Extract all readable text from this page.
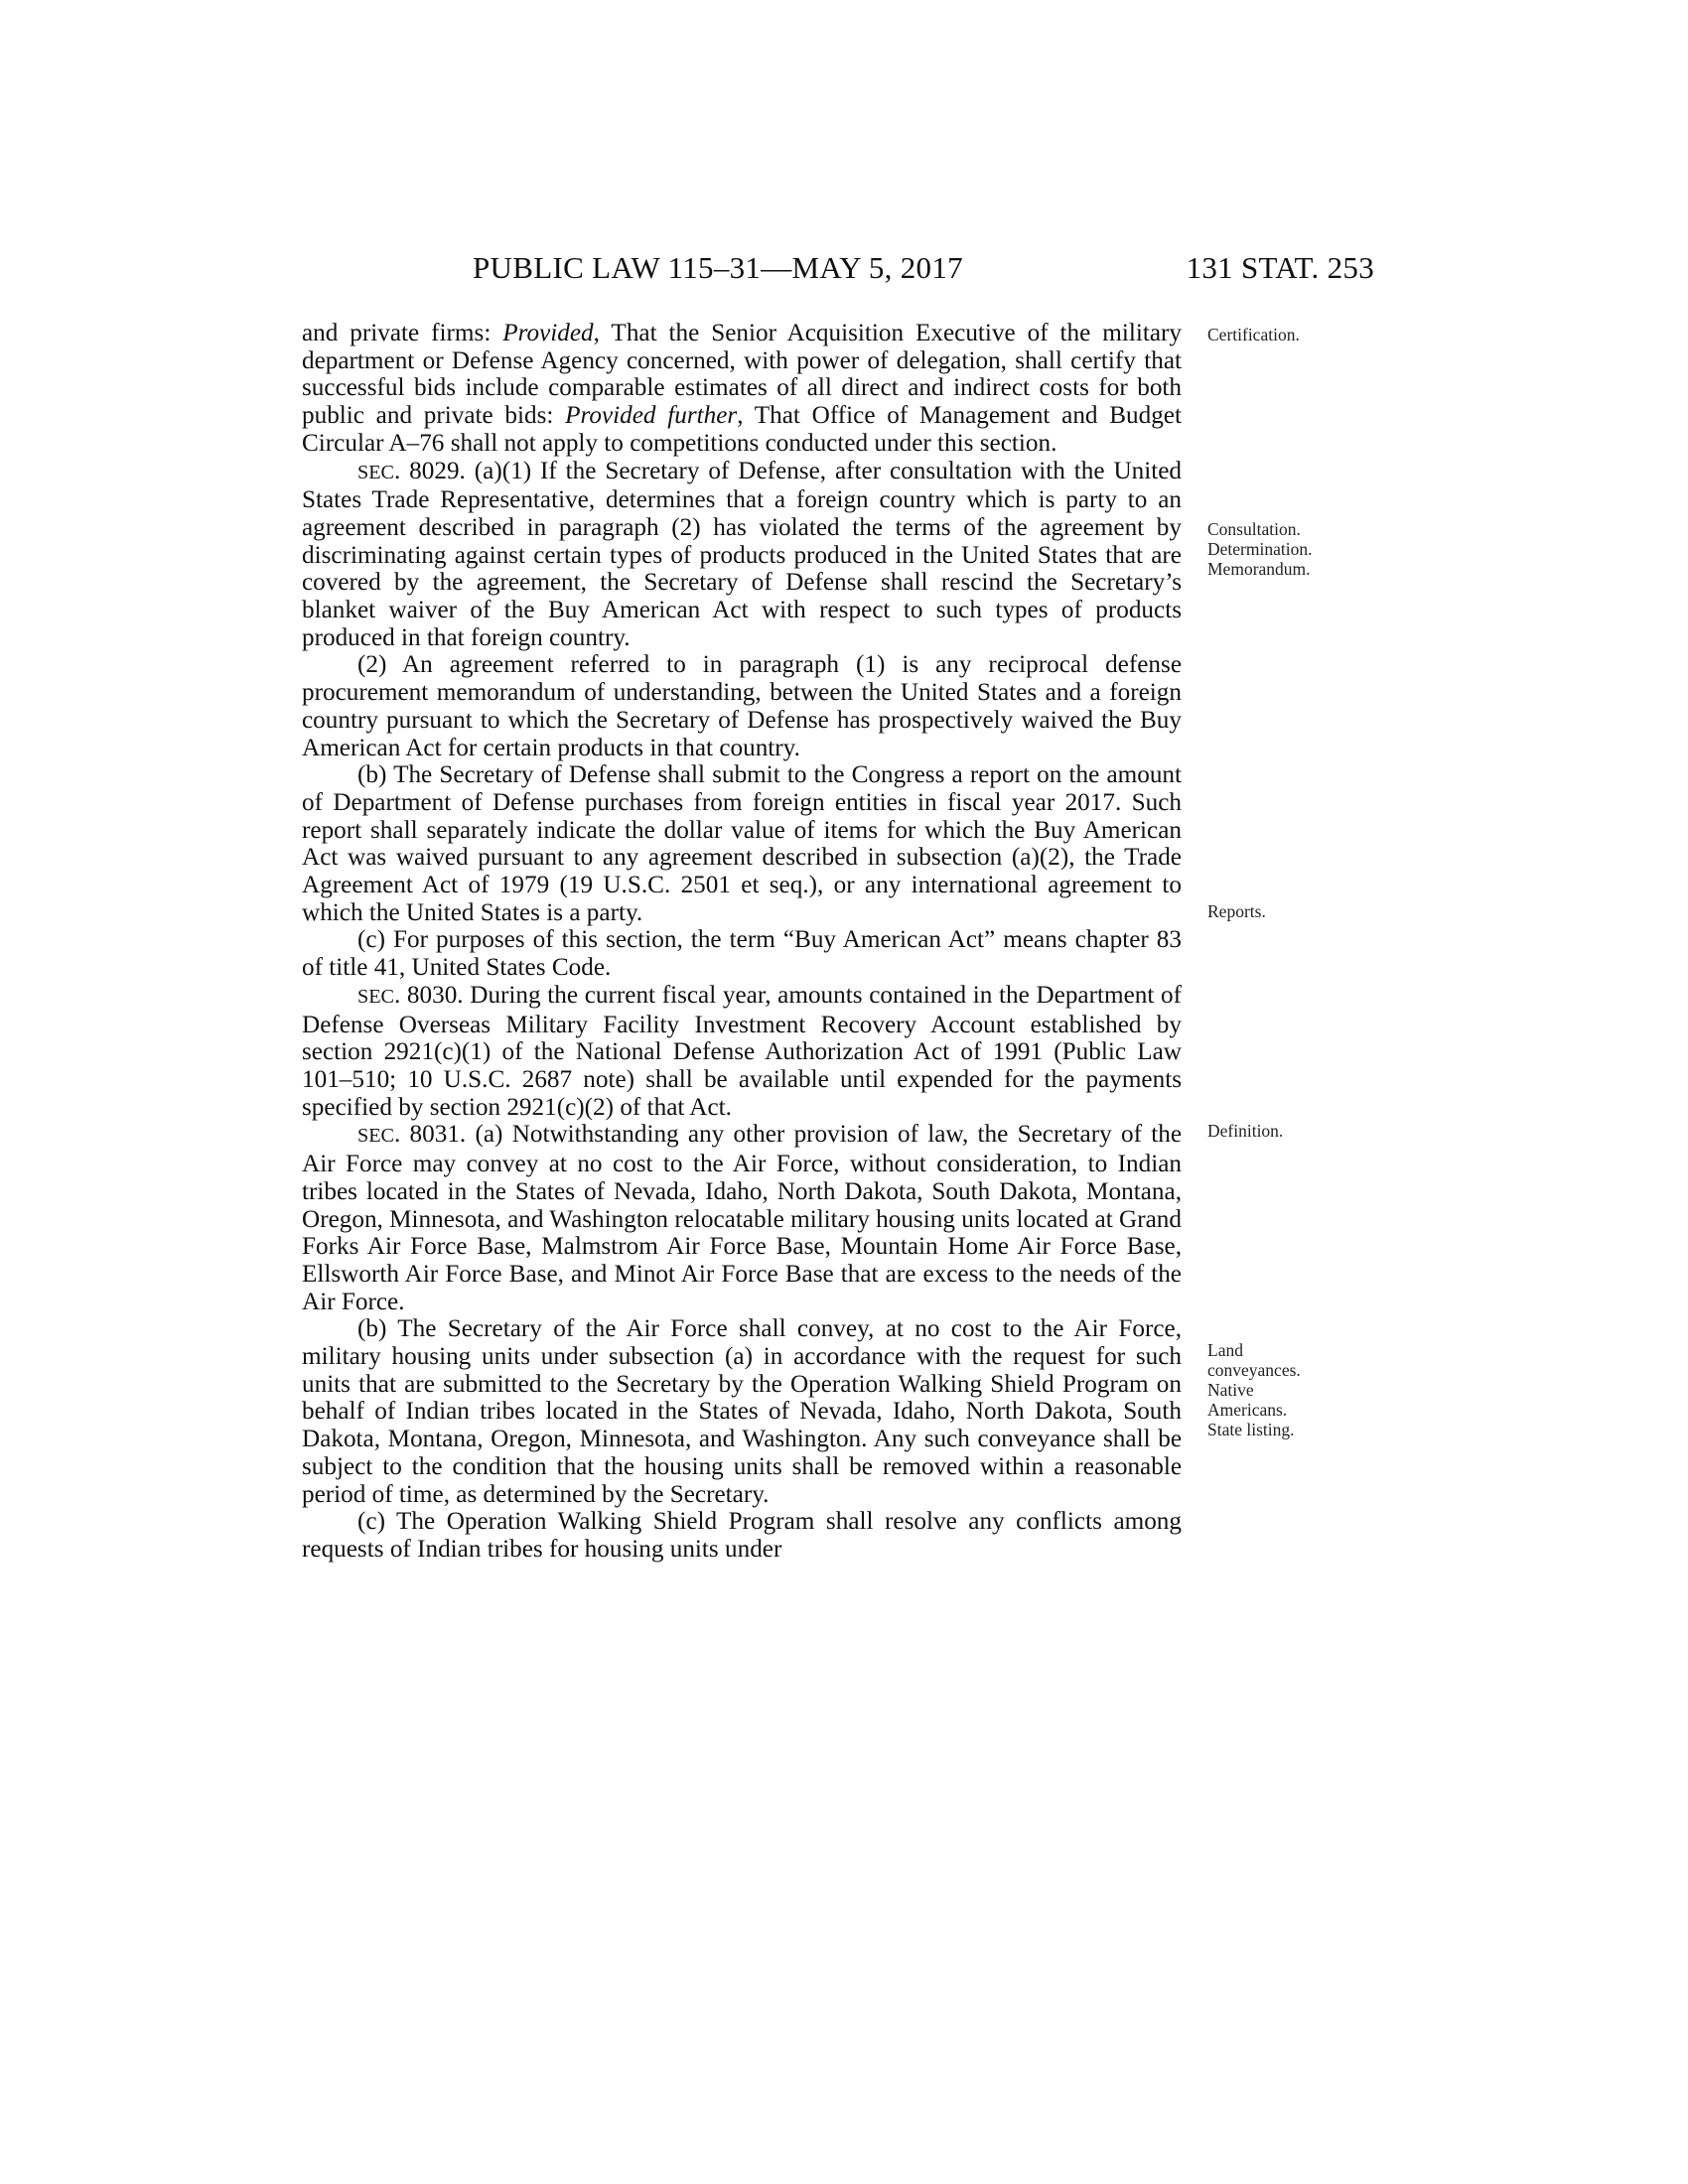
PUBLIC LAW 115–31—MAY 5, 2017	131 STAT. 253

and private firms: Provided, That the Senior Acquisition Executive of the military department or Defense Agency concerned, with power of delegation, shall certify that successful bids include comparable estimates of all direct and indirect costs for both public and private bids: Provided further, That Office of Management and Budget Circular A–76 shall not apply to competitions conducted under this section.

SEC. 8029. (a)(1) If the Secretary of Defense, after consultation with the United States Trade Representative, determines that a foreign country which is party to an agreement described in paragraph (2) has violated the terms of the agreement by discriminating against certain types of products produced in the United States that are covered by the agreement, the Secretary of Defense shall rescind the Secretary’s blanket waiver of the Buy American Act with respect to such types of products produced in that foreign country.

(2) An agreement referred to in paragraph (1) is any reciprocal defense procurement memorandum of understanding, between the United States and a foreign country pursuant to which the Secretary of Defense has prospectively waived the Buy American Act for certain products in that country.

(b) The Secretary of Defense shall submit to the Congress a report on the amount of Department of Defense purchases from foreign entities in fiscal year 2017. Such report shall separately indicate the dollar value of items for which the Buy American Act was waived pursuant to any agreement described in subsection (a)(2), the Trade Agreement Act of 1979 (19 U.S.C. 2501 et seq.), or any international agreement to which the United States is a party.

(c) For purposes of this section, the term “Buy American Act” means chapter 83 of title 41, United States Code.

SEC. 8030. During the current fiscal year, amounts contained in the Department of Defense Overseas Military Facility Investment Recovery Account established by section 2921(c)(1) of the National Defense Authorization Act of 1991 (Public Law 101–510; 10 U.S.C. 2687 note) shall be available until expended for the payments specified by section 2921(c)(2) of that Act.

SEC. 8031. (a) Notwithstanding any other provision of law, the Secretary of the Air Force may convey at no cost to the Air Force, without consideration, to Indian tribes located in the States of Nevada, Idaho, North Dakota, South Dakota, Montana, Oregon, Minnesota, and Washington relocatable military housing units located at Grand Forks Air Force Base, Malmstrom Air Force Base, Mountain Home Air Force Base, Ellsworth Air Force Base, and Minot Air Force Base that are excess to the needs of the Air Force.

(b) The Secretary of the Air Force shall convey, at no cost to the Air Force, military housing units under subsection (a) in accordance with the request for such units that are submitted to the Secretary by the Operation Walking Shield Program on behalf of Indian tribes located in the States of Nevada, Idaho, North Dakota, South Dakota, Montana, Oregon, Minnesota, and Washington. Any such conveyance shall be subject to the condition that the housing units shall be removed within a reasonable period of time, as determined by the Secretary.

(c) The Operation Walking Shield Program shall resolve any conflicts among requests of Indian tribes for housing units under

Certification.
Consultation.
Determination.
Memorandum.
Reports.
Definition.
Land
conveyances.
Native
Americans.
State listing.
